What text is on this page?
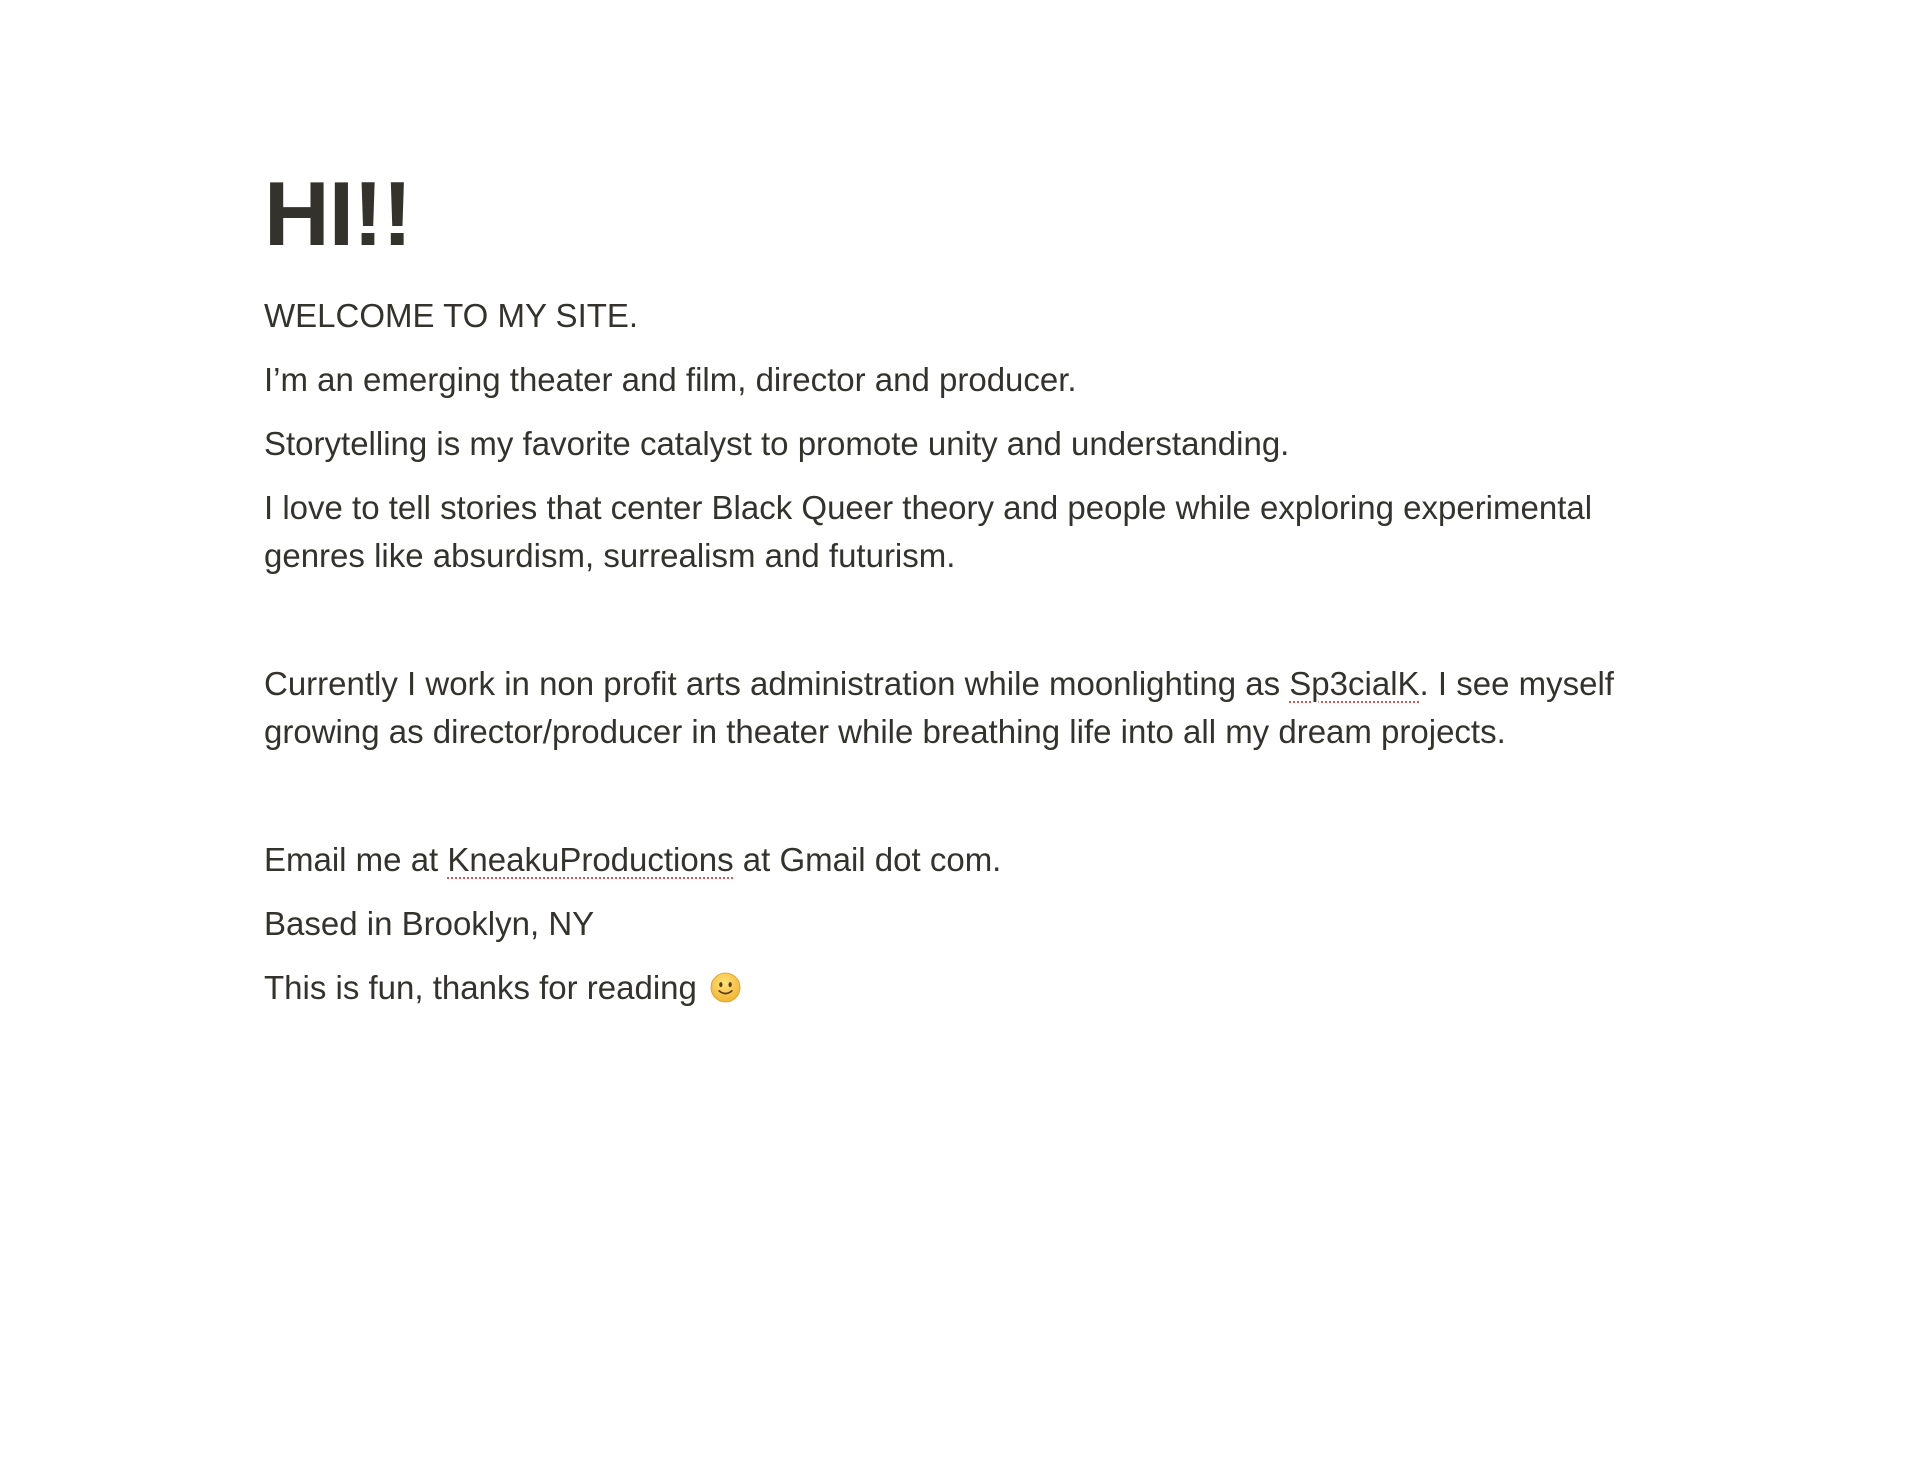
HI!!

WELCOME TO MY SITE.

I’m an emerging theater and film, director and producer.

Storytelling is my favorite catalyst to promote unity and understanding.

I love to tell stories that center Black Queer theory and people while exploring experimental genres like absurdism, surrealism and futurism.

Currently I work in non profit arts administration while moonlighting as Sp3cialK. I see myself growing as director/producer in theater while breathing life into all my dream projects.

Email me at KneakuProductions at Gmail dot com.

Based in Brooklyn, NY

This is fun, thanks for reading
